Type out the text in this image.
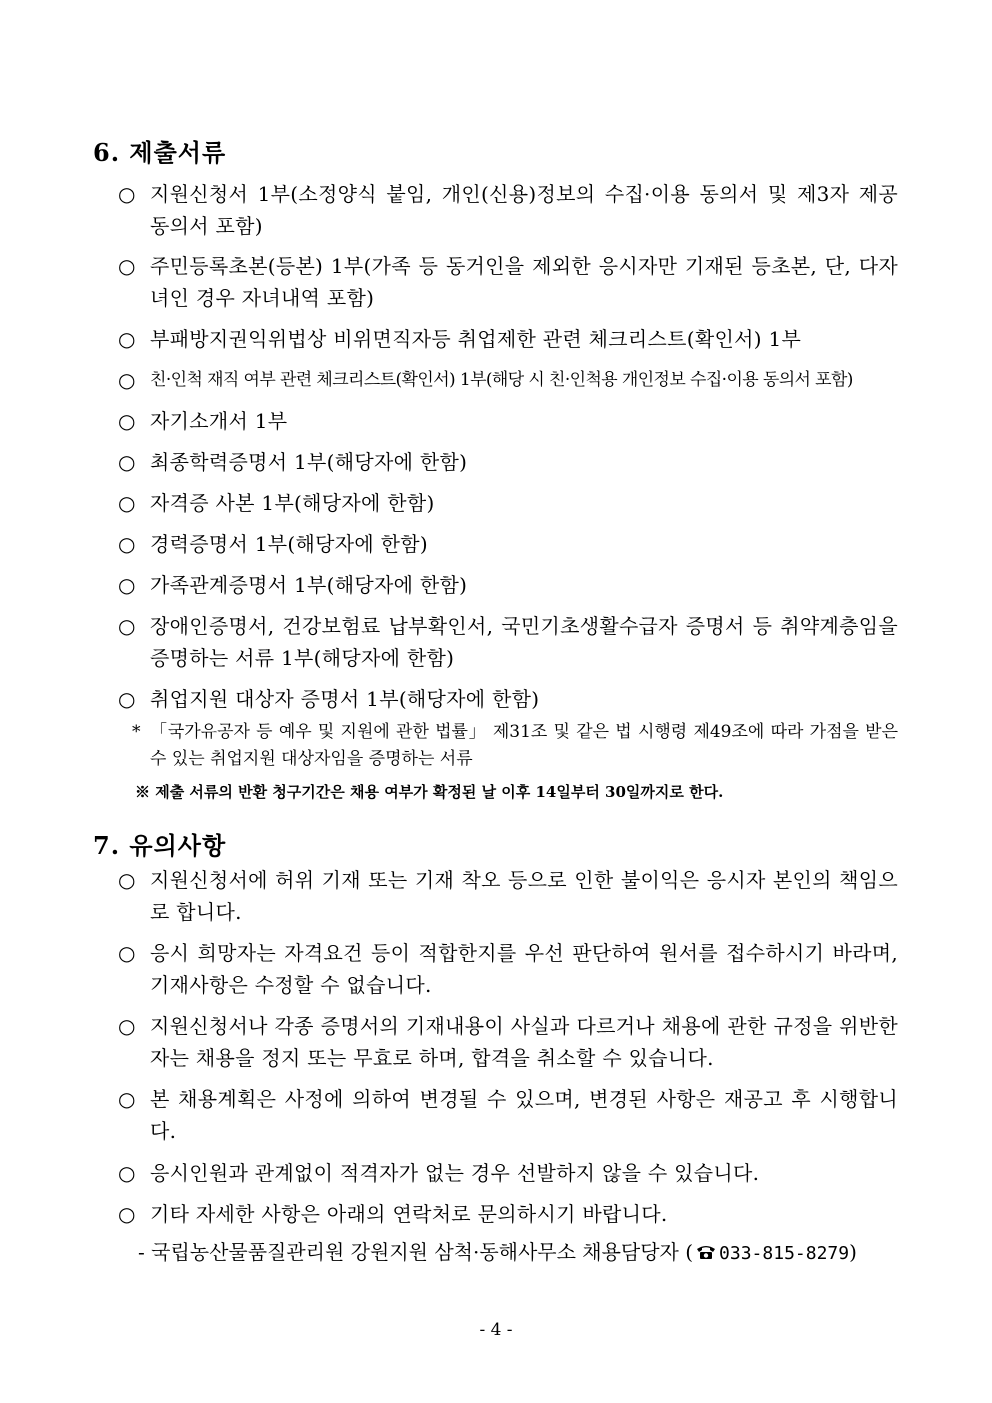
6. 제출서류
○ 지원신청서 1부(소정양식 붙임, 개인(신용)정보의 수집·이용 동의서 및 제3자 제공 동의서 포함)
○ 주민등록초본(등본) 1부(가족 등 동거인을 제외한 응시자만 기재된 등초본, 단, 다자녀인 경우 자녀내역 포함)
○ 부패방지권익위법상 비위면직자등 취업제한 관련 체크리스트(확인서) 1부
○ 친·인척 재직 여부 관련 체크리스트(확인서) 1부(해당 시 친·인척용 개인정보 수집·이용 동의서 포함)
○ 자기소개서 1부
○ 최종학력증명서 1부(해당자에 한함)
○ 자격증 사본 1부(해당자에 한함)
○ 경력증명서 1부(해당자에 한함)
○ 가족관계증명서 1부(해당자에 한함)
○ 장애인증명서, 건강보험료 납부확인서, 국민기초생활수급자 증명서 등 취약계층임을 증명하는 서류 1부(해당자에 한함)
○ 취업지원 대상자 증명서 1부(해당자에 한함)
* 「국가유공자 등 예우 및 지원에 관한 법률」 제31조 및 같은 법 시행령 제49조에 따라 가점을 받은 수 있는 취업지원 대상자임을 증명하는 서류
※ 제출 서류의 반환 청구기간은 채용 여부가 확정된 날 이후 14일부터 30일까지로 한다.
7. 유의사항
○ 지원신청서에 허위 기재 또는 기재 착오 등으로 인한 불이익은 응시자 본인의 책임으로 합니다.
○ 응시 희망자는 자격요건 등이 적합한지를 우선 판단하여 원서를 접수하시기 바라며, 기재사항은 수정할 수 없습니다.
○ 지원신청서나 각종 증명서의 기재내용이 사실과 다르거나 채용에 관한 규정을 위반한 자는 채용을 정지 또는 무효로 하며, 합격을 취소할 수 있습니다.
○ 본 채용계획은 사정에 의하여 변경될 수 있으며, 변경된 사항은 재공고 후 시행합니다.
○ 응시인원과 관계없이 적격자가 없는 경우 선발하지 않을 수 있습니다.
○ 기타 자세한 사항은 아래의 연락처로 문의하시기 바랍니다.
- 국립농산물품질관리원 강원지원 삼척·동해사무소 채용담당자 ( 033-815-8279)
- 4 -
